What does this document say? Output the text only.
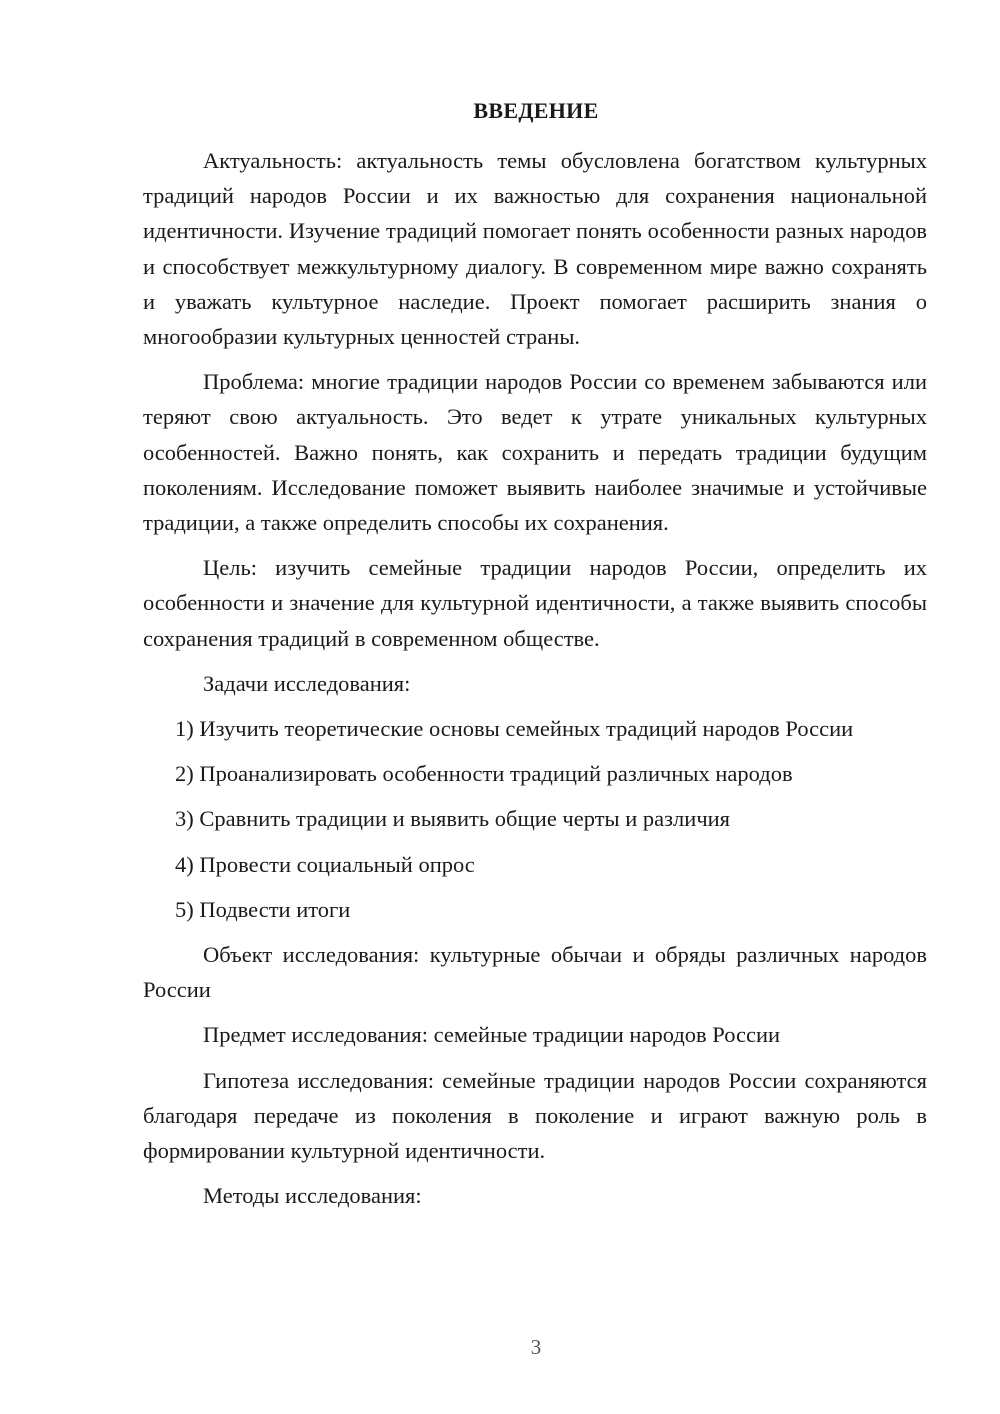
ВВЕДЕНИЕ

Актуальность: актуальность темы обусловлена богатством культурных традиций народов России и их важностью для сохранения национальной идентичности. Изучение традиций помогает понять особенности разных народов и способствует межкультурному диалогу. В современном мире важно сохранять и уважать культурное наследие. Проект помогает расширить знания о многообразии культурных ценностей страны.

Проблема: многие традиции народов России со временем забываются или теряют свою актуальность. Это ведет к утрате уникальных культурных особенностей. Важно понять, как сохранить и передать традиции будущим поколениям. Исследование поможет выявить наиболее значимые и устойчивые традиции, а также определить способы их сохранения.

Цель: изучить семейные традиции народов России, определить их особенности и значение для культурной идентичности, а также выявить способы сохранения традиций в современном обществе.

Задачи исследования:

1) Изучить теоретические основы семейных традиций народов России
2) Проанализировать особенности традиций различных народов
3) Сравнить традиции и выявить общие черты и различия
4) Провести социальный опрос
5) Подвести итоги

Объект исследования: культурные обычаи и обряды различных народов России

Предмет исследования: семейные традиции народов России

Гипотеза исследования: семейные традиции народов России сохраняются благодаря передаче из поколения в поколение и играют важную роль в формировании культурной идентичности.

Методы исследования:

3
